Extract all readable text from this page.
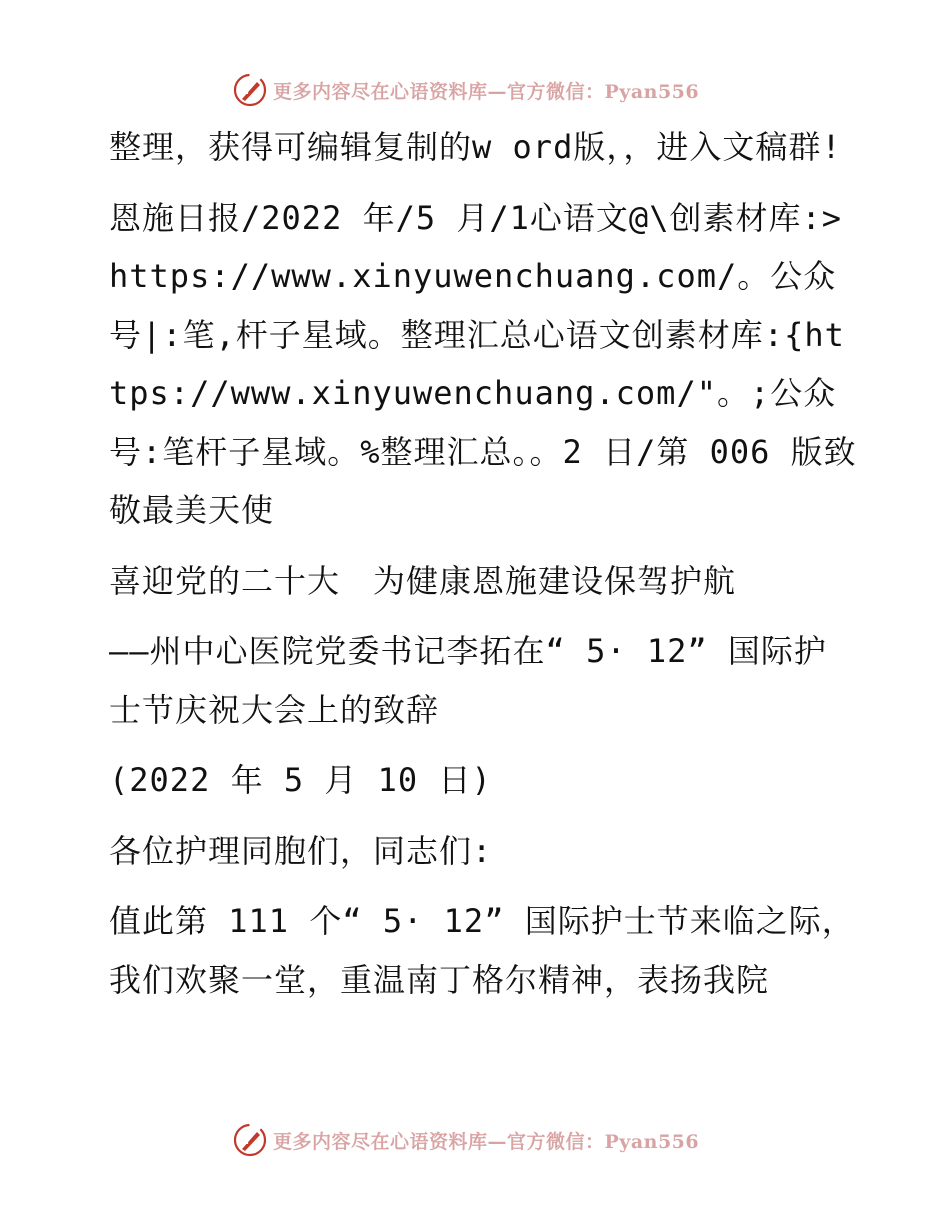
Y 更多内容尽在心语资料库—官方微信：Pyan556

整理，获得可编辑复制的w ord版，，进入文稿群!

恩施日报/2022 年/5 月/1心语文@\创素材库:>https://www.xinyuwenchuang.com/。公众号|:笔,杆子星域。整理汇总心语文创素材库:{https://www.xinyuwenchuang.com/"。;公众号:笔杆子星域。%整理汇总。。2 日/第 006 版致敬最美天使

喜迎党的二十大　为健康恩施建设保驾护航

——州中心医院党委书记李拓在“ 5· 12” 国际护士节庆祝大会上的致辞

(2022 年 5 月 10 日)

各位护理同胞们，同志们:

值此第 111 个“ 5· 12” 国际护士节来临之际，我们欢聚一堂，重温南丁格尔精神，表扬我院

Y 更多内容尽在心语资料库—官方微信：Pyan556
